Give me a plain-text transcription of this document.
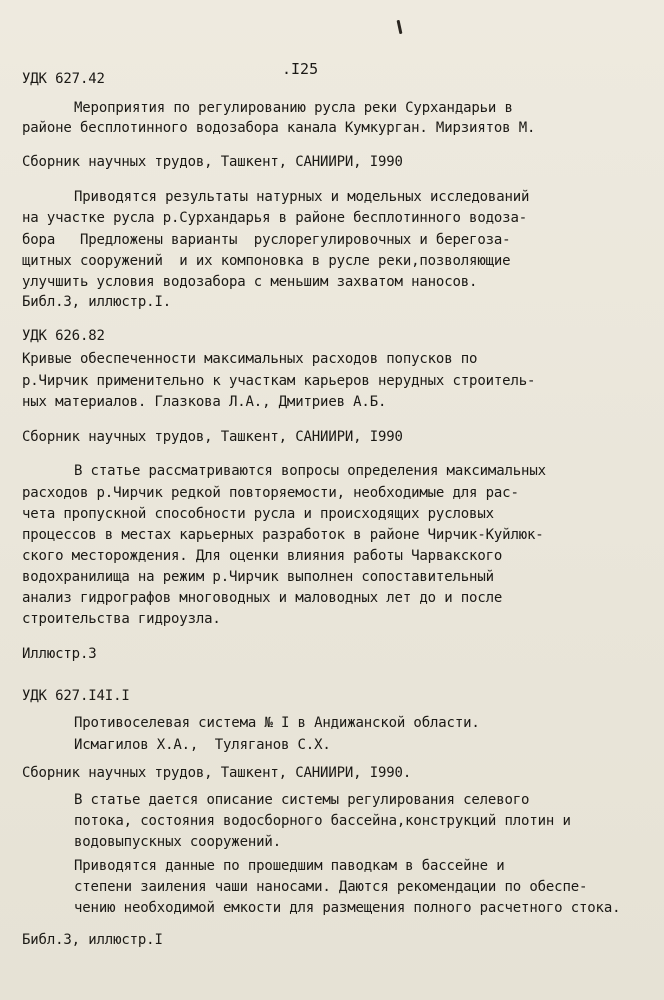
.I25
УДК 627.42
Мероприятия по регулированию русла реки Сурхандарьи в
районе бесплотинного водозабора канала Кумкурган. Мирзиятов М.
Сборник научных трудов, Ташкент, САНИИРИ, I990
Приводятся результаты натурных и модельных исследований
на участке русла р.Сурхандарья в районе бесплотинного водоза-
бора   Предложены варианты  руслорегулировочных и берегоза-
щитных сооружений  и их компоновка в русле реки,позволяющие
улучшить условия водозабора с меньшим захватом наносов.
Библ.3, иллюстр.I.
УДК 626.82
Кривые обеспеченности максимальных расходов попусков по
р.Чирчик применительно к участкам карьеров нерудных строитель-
ных материалов. Глазкова Л.А., Дмитриев А.Б.
Сборник научных трудов, Ташкент, САНИИРИ, I990
В статье рассматриваются вопросы определения максимальных
расходов р.Чирчик редкой повторяемости, необходимые для рас-
чета пропускной способности русла и происходящих русловых
процессов в местах карьерных разработок в районе Чирчик-Куйлюк-
ского месторождения. Для оценки влияния работы Чарвакского
водохранилища на режим р.Чирчик выполнен сопоставительный
анализ гидрографов многоводных и маловодных лет до и после
строительства гидроузла.
Иллюстр.3
УДК 627.I4I.I
Противоселевая система № I в Андижанской области.
Исмагилов Х.А.,  Туляганов С.Х.
Сборник научных трудов, Ташкент, САНИИРИ, I990.
В статье дается описание системы регулирования селевого
потока, состояния водосборного бассейна,конструкций плотин и
водовыпускных сооружений.
Приводятся данные по прошедшим паводкам в бассейне и
степени заиления чаши наносами. Даются рекомендации по обеспе-
чению необходимой емкости для размещения полного расчетного стока.
Библ.3, иллюстр.I
